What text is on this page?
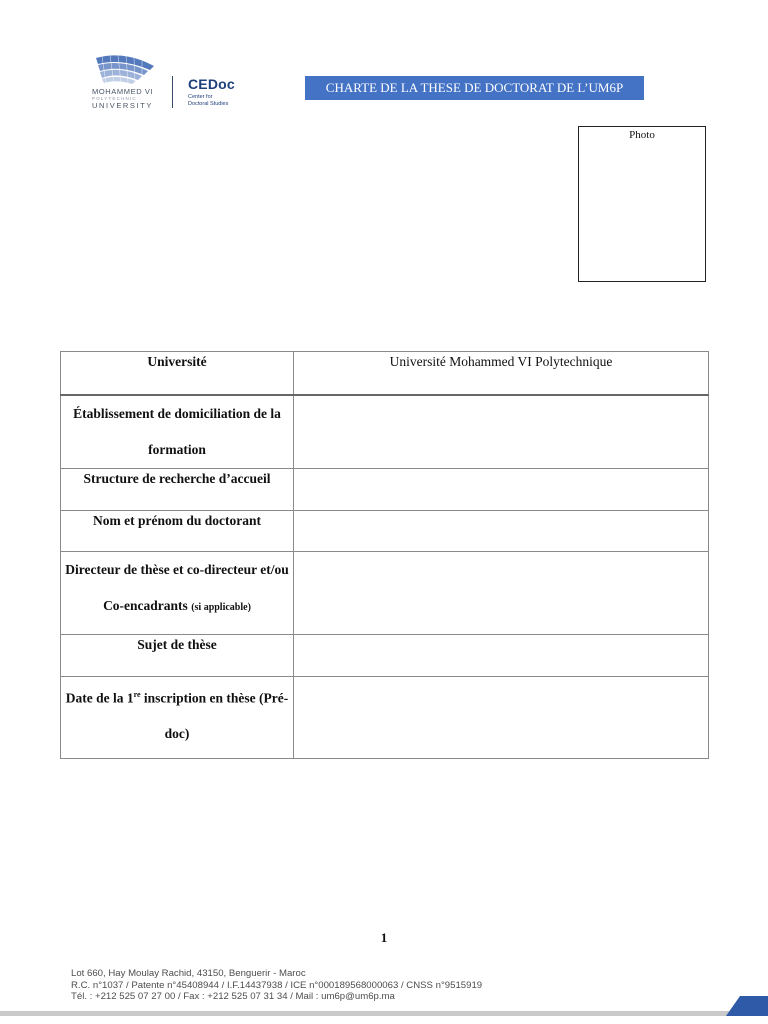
MOHAMMED VI
POLYTECHNIC
UNIVERSITY
CEDoc
Center for
Doctoral Studies
CHARTE DE LA THESE DE DOCTORAT DE L’UM6P
Photo
Université	Université Mohammed VI Polytechnique

Établissement de domiciliation de la formation	

Structure de recherche d’accueil	

Nom et prénom du doctorant	

Directeur de thèse et co-directeur et/ou Co-encadrants (si applicable)	

Sujet de thèse	

Date de la 1re inscription en thèse (Pré-doc)	
1
Lot 660, Hay Moulay Rachid, 43150, Benguerir - Maroc
R.C. n°1037 / Patente n°45408944 / I.F.14437938 / ICE n°000189568000063 / CNSS n°9515919
Tél. : +212 525 07 27 00 / Fax : +212 525 07 31 34 / Mail : um6p@um6p.ma
